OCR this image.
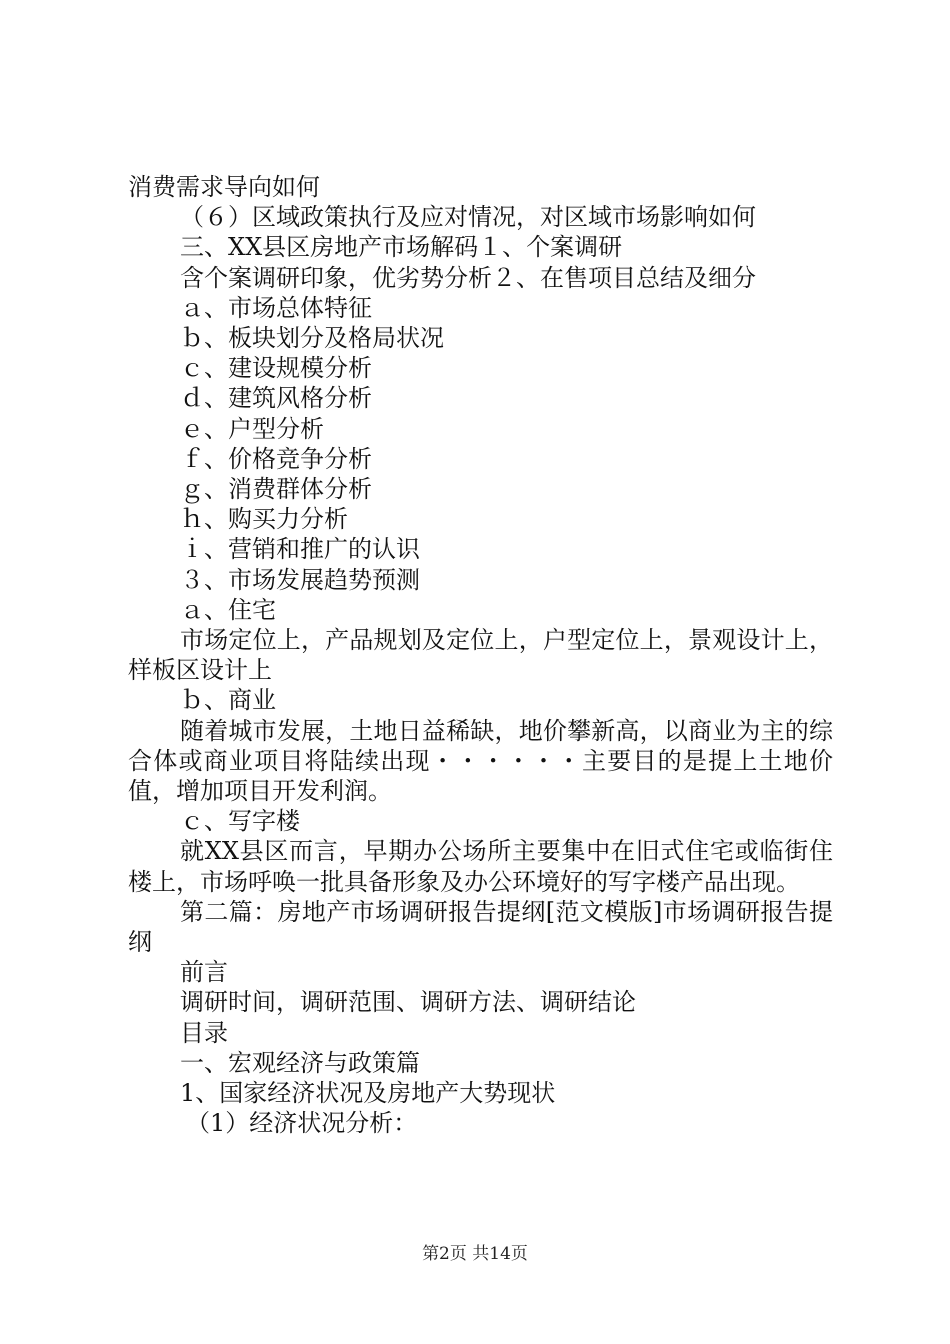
消费需求导向如何

（６）区域政策执行及应对情况，对区域市场影响如何

三、XX县区房地产市场解码１、个案调研

含个案调研印象，优劣势分析２、在售项目总结及细分

ａ、市场总体特征

ｂ、板块划分及格局状况

ｃ、建设规模分析

ｄ、建筑风格分析

ｅ、户型分析

ｆ、价格竞争分析

ｇ、消费群体分析

ｈ、购买力分析

ｉ、营销和推广的认识

３、市场发展趋势预测

ａ、住宅

市场定位上，产品规划及定位上，户型定位上，景观设计上，样板区设计上

ｂ、商业

随着城市发展，土地日益稀缺，地价攀新高，以商业为主的综合体或商业项目将陆续出现・・・・・・主要目的是提上土地价值，增加项目开发利润。

ｃ、写字楼

就XX县区而言，早期办公场所主要集中在旧式住宅或临街住楼上，市场呼唤一批具备形象及办公环境好的写字楼产品出现。

第二篇：房地产市场调研报告提纲[范文模版]市场调研报告提纲

前言

调研时间，调研范围、调研方法、调研结论

目录

一、宏观经济与政策篇

1、国家经济状况及房地产大势现状

（1）经济状况分析：

第2页 共14页
